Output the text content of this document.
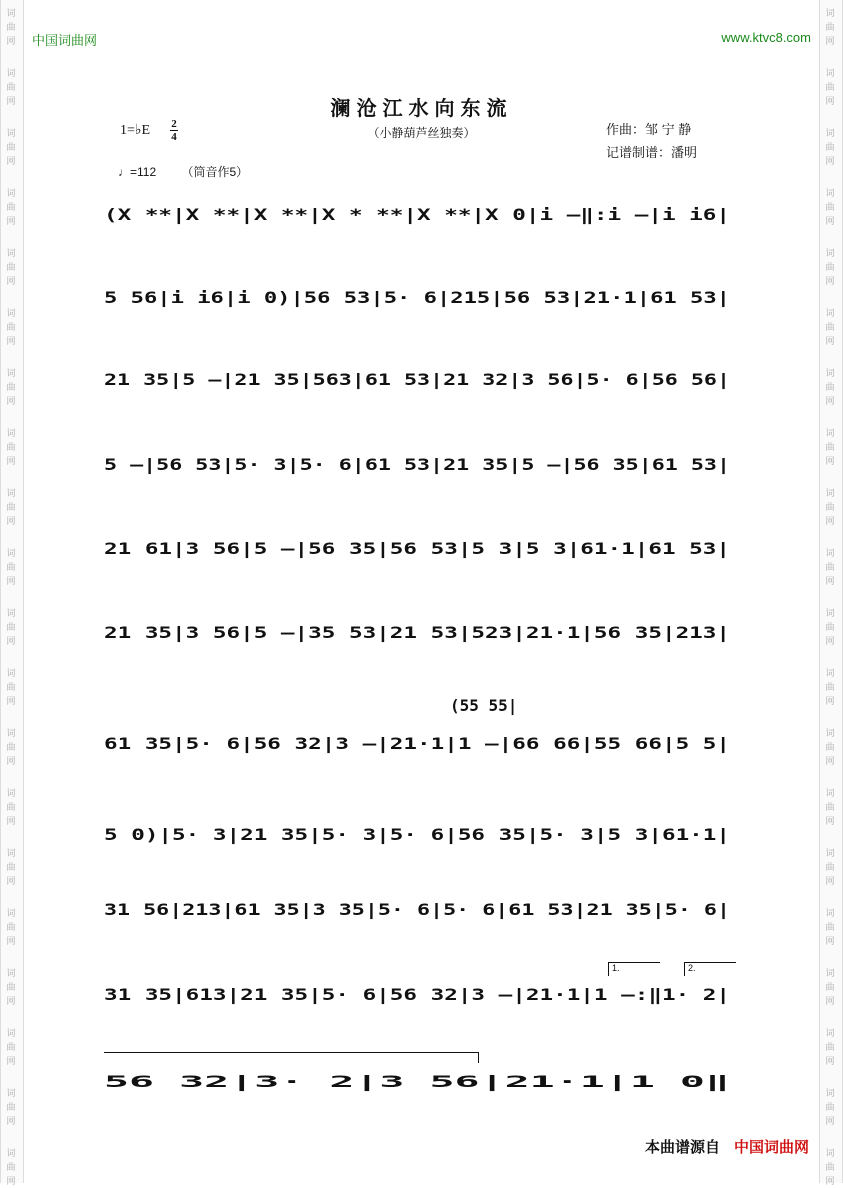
词曲网
词曲网
词曲网
词曲网
词曲网
词曲网
词曲网
词曲网
词曲网
词曲网
词曲网
词曲网
词曲网
词曲网
词曲网
词曲网
词曲网
词曲网
词曲网
词曲网
词曲网
词曲网
词曲网
词曲网
词曲网
词曲网
词曲网
词曲网
词曲网
词曲网
词曲网
词曲网
词曲网
词曲网
词曲网
词曲网
词曲网
词曲网
词曲网
词曲网
中国词曲网	www.ktvc8.com
澜沧江水向东流
（小静葫芦丝独奏）
1=♭E 2
4	作曲：邹 宁 静
记谱制谱：潘明
♩=112 （筒音作5）
(X **|X **|X **|X * **|X **|X 0|i –‖:i –|i i6|
5 56|i i6|i 0)|56 53|5· 6|215|56 53|21·1|61 53|
21 35|5 –|21 35|563|61 53|21 32|3 56|5· 6|56 56|
5 –|56 53|5· 3|5· 6|61 53|21 35|5 –|56 35|61 53|
21 61|3 56|5 –|56 35|56 53|5 3|5 3|61·1|61 53|
21 35|3 56|5 –|35 53|21 53|523|21·1|56 35|213|
61 35|5· 6|56 32|3 –|21·1|1 –|66 66|55 66|5 5|
5 0)|5· 3|21 35|5· 3|5· 6|56 35|5· 3|5 3|61·1|
31 56|213|61 35|3 35|5· 6|5· 6|61 53|21 35|5· 6|
31 35|613|21 35|5· 6|56 32|3 –|21·1|1 –:‖1· 2|
56 32|3· 2|3 56|21·1|1 0‖
本曲谱源自 中国词曲网
(55 55|
1.	2.
